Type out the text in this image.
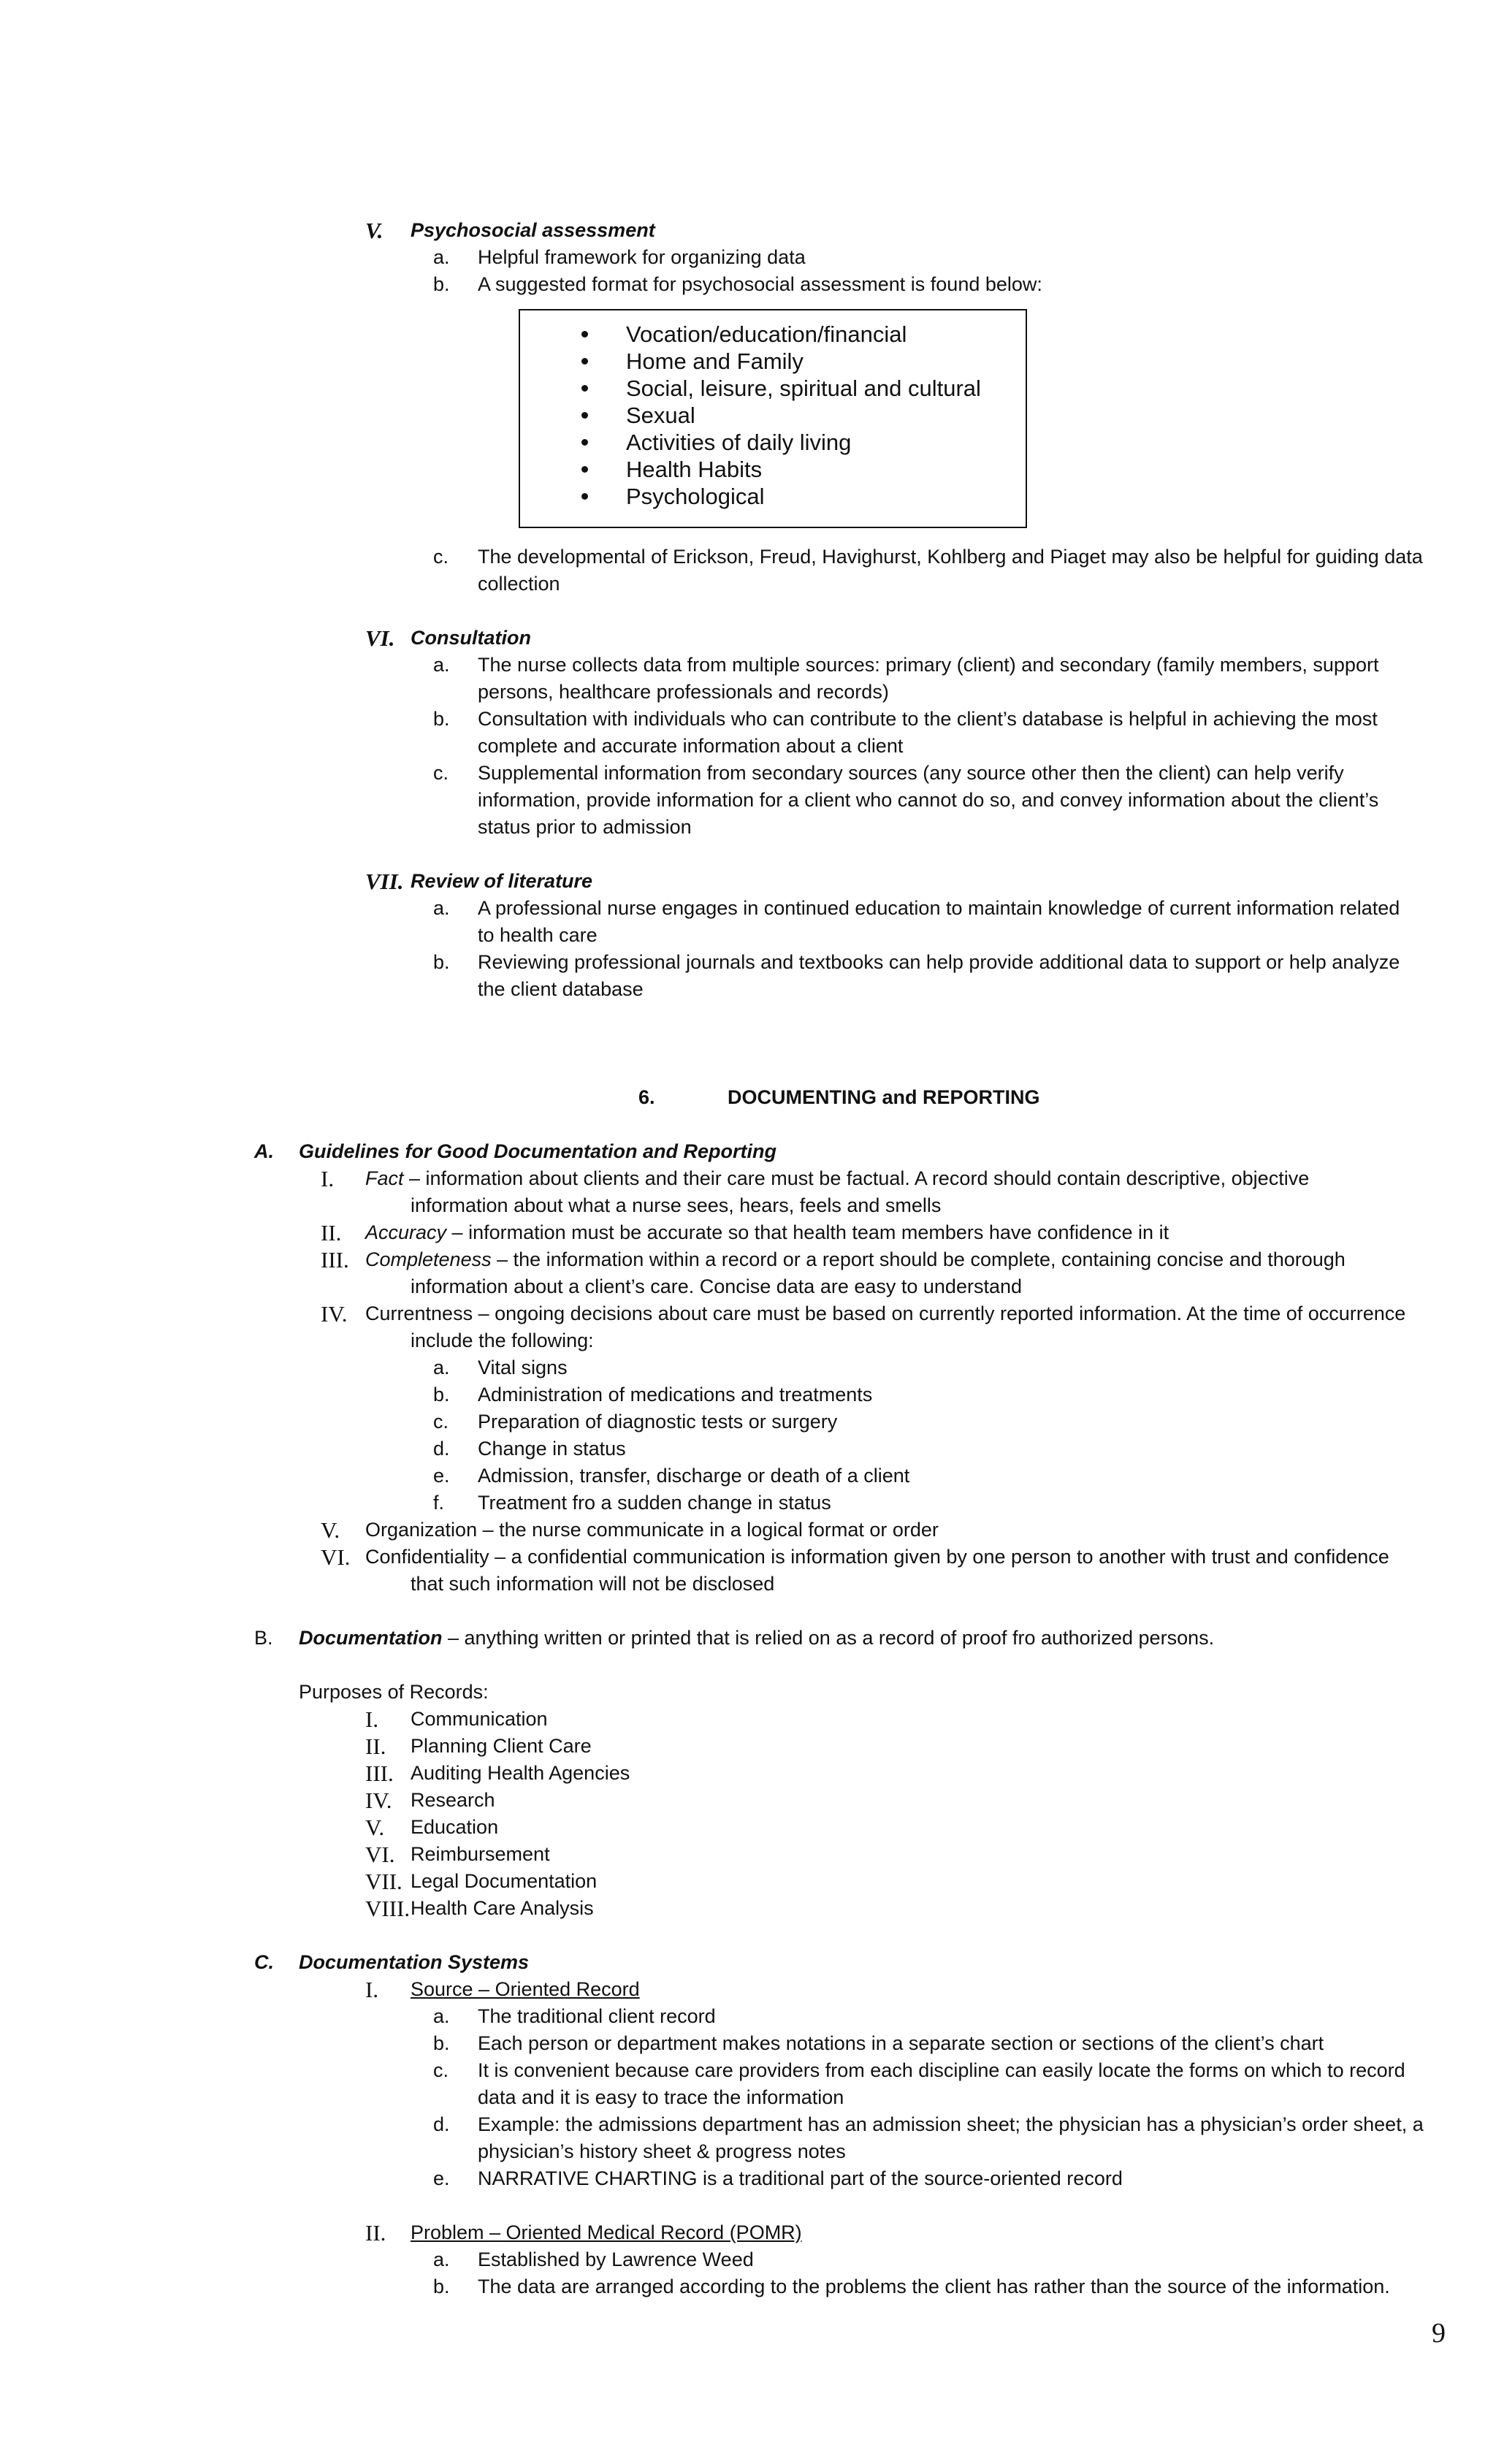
V. Psychosocial assessment
a. Helpful framework for organizing data
b. A suggested format for psychosocial assessment is found below:
Vocation/education/financial
Home and Family
Social, leisure, spiritual and cultural
Sexual
Activities of daily living
Health Habits
Psychological
c. The developmental of Erickson, Freud, Havighurst, Kohlberg and Piaget may also be helpful for guiding data
collection
VI. Consultation
a. The nurse collects data from multiple sources: primary (client) and secondary (family members, support
persons, healthcare professionals and records)
b. Consultation with individuals who can contribute to the client’s database is helpful in achieving the most
complete and accurate information about a client
c. Supplemental information from secondary sources (any source other then the client) can help verify
information, provide information for a client who cannot do so, and convey information about the client’s
status prior to admission
VII. Review of literature
a. A professional nurse engages in continued education to maintain knowledge of current information related
to health care
b. Reviewing professional journals and textbooks can help provide additional data to support or help analyze
the client database
6.	DOCUMENTING and REPORTING
A. Guidelines for Good Documentation and Reporting
I. Fact – information about clients and their care must be factual. A record should contain descriptive, objective
information about what a nurse sees, hears, feels and smells
II. Accuracy – information must be accurate so that health team members have confidence in it
III. Completeness – the information within a record or a report should be complete, containing concise and thorough
information about a client’s care. Concise data are easy to understand
IV. Currentness – ongoing decisions about care must be based on currently reported information. At the time of occurrence
include the following:
a. Vital signs
b. Administration of medications and treatments
c. Preparation of diagnostic tests or surgery
d. Change in status
e. Admission, transfer, discharge or death of a client
f. Treatment fro a sudden change in status
V. Organization – the nurse communicate in a logical format or order
VI. Confidentiality – a confidential communication is information given by one person to another with trust and confidence
that such information will not be disclosed
B. Documentation – anything written or printed that is relied on as a record of proof fro authorized persons.
Purposes of Records:
I. Communication
II. Planning Client Care
III. Auditing Health Agencies
IV. Research
V. Education
VI. Reimbursement
VII. Legal Documentation
VIII. Health Care Analysis
C. Documentation Systems
I. Source – Oriented Record
a. The traditional client record
b. Each person or department makes notations in a separate section or sections of the client’s chart
c. It is convenient because care providers from each discipline can easily locate the forms on which to record
data and it is easy to trace the information
d. Example: the admissions department has an admission sheet; the physician has a physician’s order sheet, a
physician’s history sheet & progress notes
e. NARRATIVE CHARTING is a traditional part of the source-oriented record
II. Problem – Oriented Medical Record (POMR)
a. Established by Lawrence Weed
b. The data are arranged according to the problems the client has rather than the source of the information.
9
